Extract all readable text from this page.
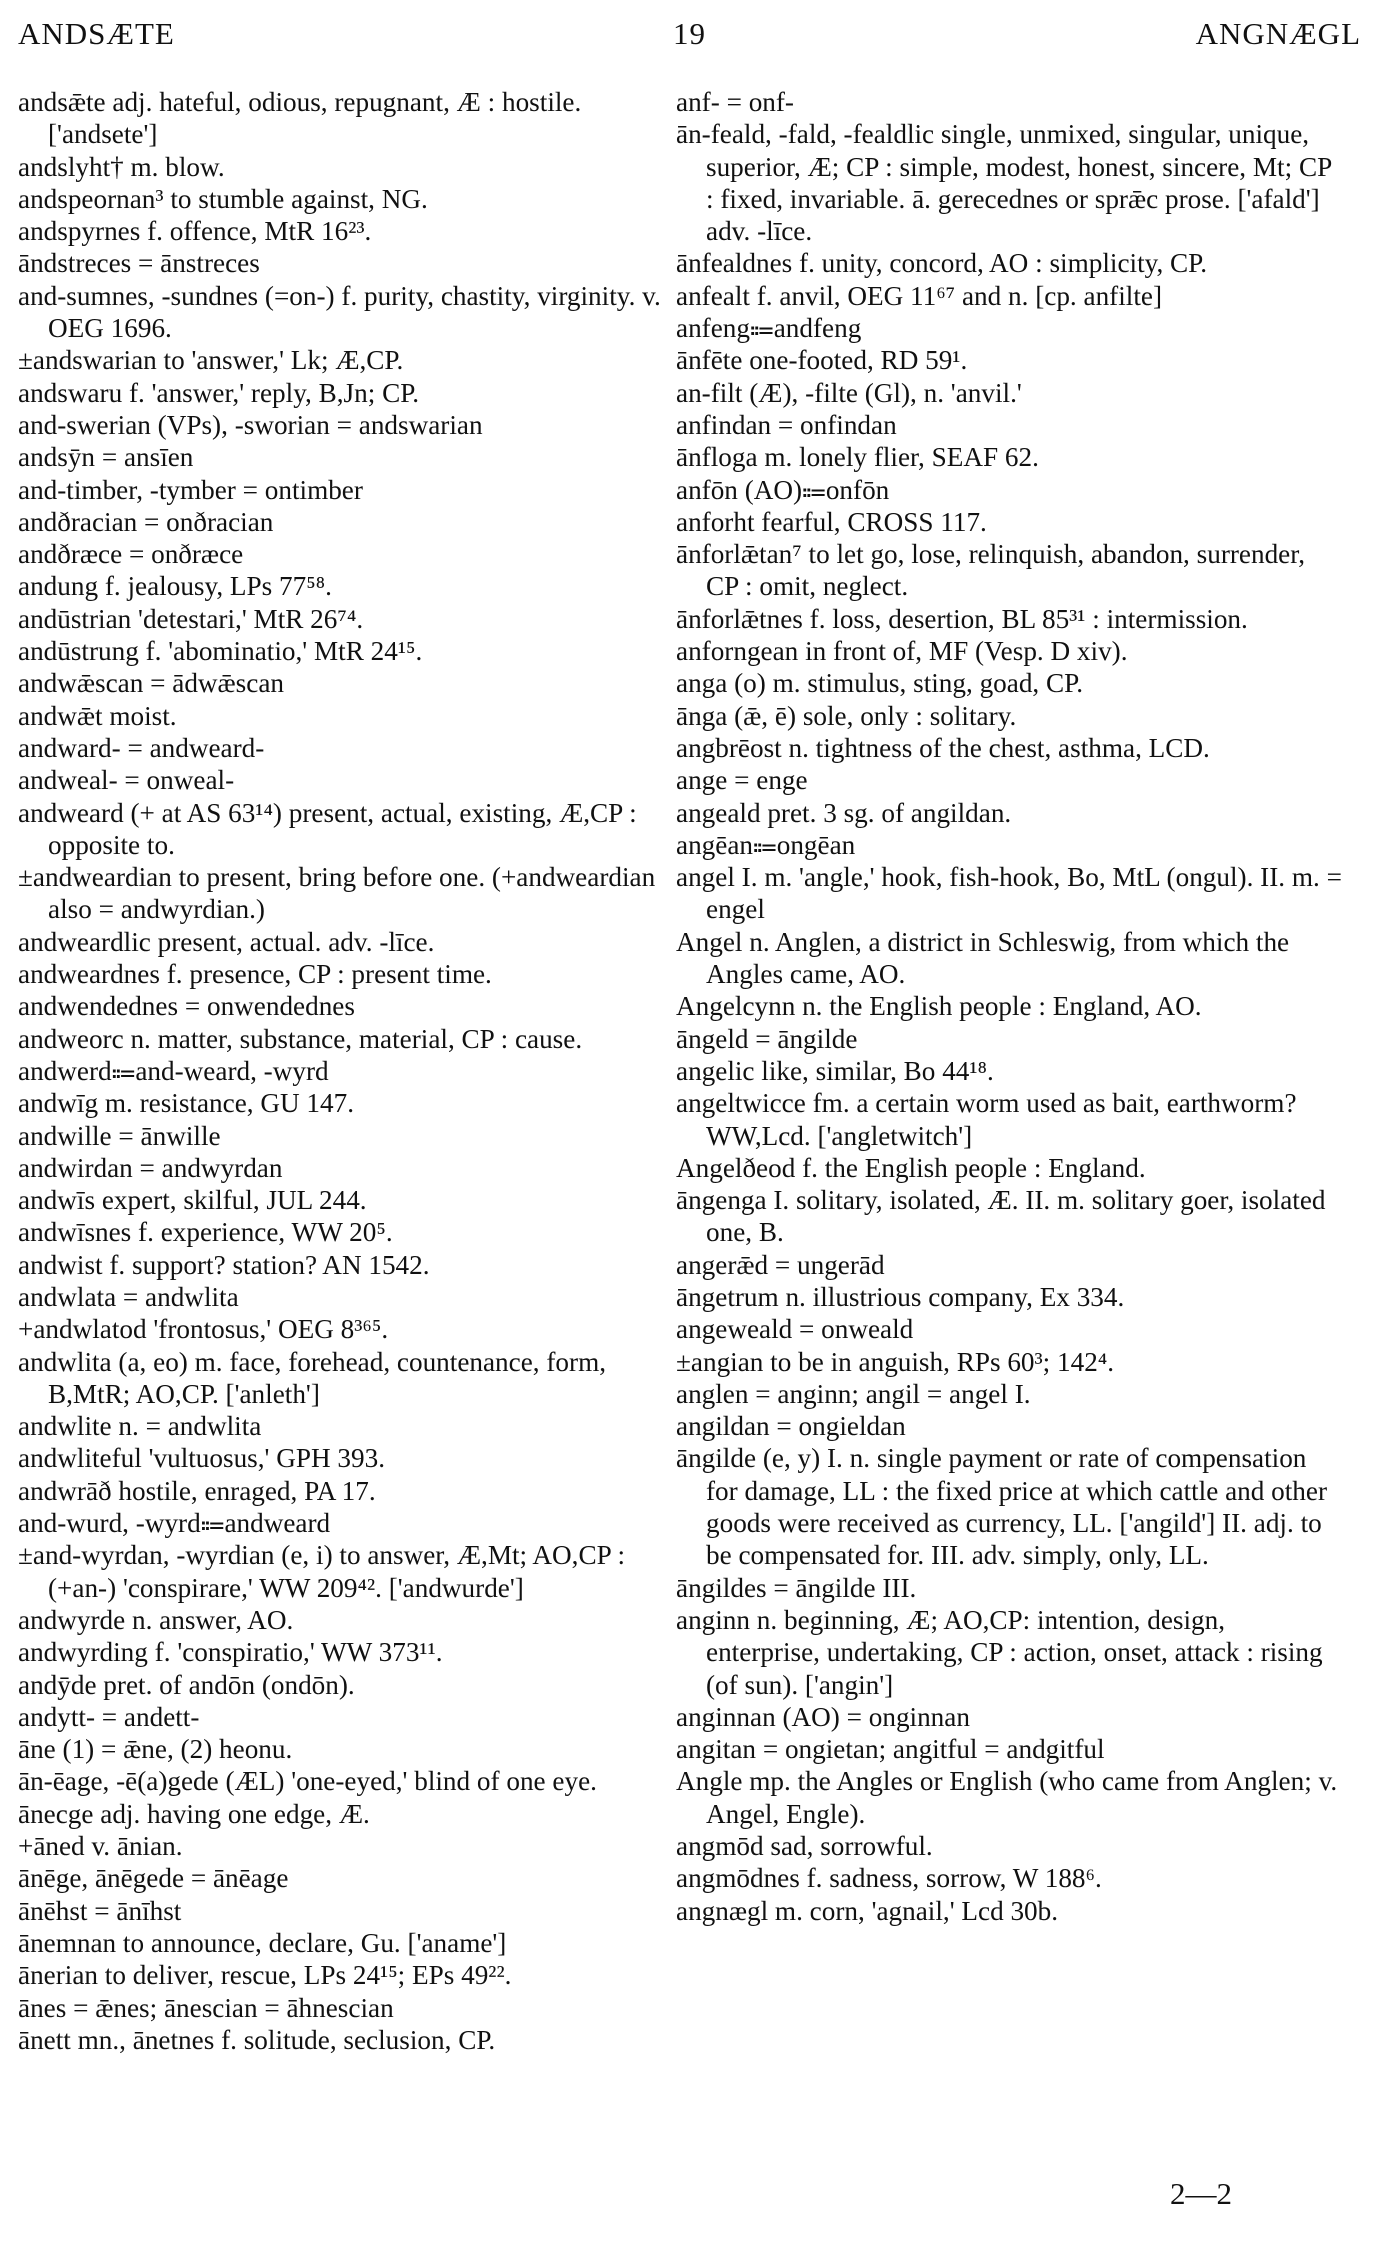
ANDSÆTE	19	ANGNÆGL

andsǣte adj. hateful, odious, repugnant, Æ : hostile. ['andsete']

andslyht† m. blow.

andspeornan³ to stumble against, NG.

andspyrnes f. offence, MtR 16²³.

āndstreces = ānstreces

and-sumnes, -sundnes (=on-) f. purity, chastity, virginity. v. OEG 1696.

±andswarian to 'answer,' Lk; Æ,CP.

andswaru f. 'answer,' reply, B,Jn; CP.

and-swerian (VPs), -sworian = andswarian

andsȳn = ansīen

and-timber, -tymber = ontimber

andðracian = onðracian

andðræce = onðræce

andung f. jealousy, LPs 77⁵⁸.

andūstrian 'detestari,' MtR 26⁷⁴.

andūstrung f. 'abominatio,' MtR 24¹⁵.

andwǣscan = ādwǣscan

andwǣt moist.

andward- = andweard-

andweal- = onweal-

andweard (+ at AS 63¹⁴) present, actual, existing, Æ,CP : opposite to.

±andweardian to present, bring before one. (+andweardian also = andwyrdian.)

andweardlic present, actual. adv. -līce.

andweardnes f. presence, CP : present time.

andwendednes = onwendednes

andweorc n. matter, substance, material, CP : cause.

andwerd⩴and-weard, -wyrd

andwīg m. resistance, GU 147.

andwille = ānwille

andwirdan = andwyrdan

andwīs expert, skilful, JUL 244.

andwīsnes f. experience, WW 20⁵.

andwist f. support? station? AN 1542.

andwlata = andwlita

+andwlatod 'frontosus,' OEG 8³⁶⁵.

andwlita (a, eo) m. face, forehead, countenance, form, B,MtR; AO,CP. ['anleth']

andwlite n. = andwlita

andwliteful 'vultuosus,' GPH 393.

andwrāð hostile, enraged, PA 17.

and-wurd, -wyrd⩴andweard

±and-wyrdan, -wyrdian (e, i) to answer, Æ,Mt; AO,CP : (+an-) 'conspirare,' WW 209⁴². ['andwurde']

andwyrde n. answer, AO.

andwyrding f. 'conspiratio,' WW 373¹¹.

andȳde pret. of andōn (ondōn).

andytt- = andett-

āne (1) = ǣne, (2) heonu.

ān-ēage, -ē(a)gede (ÆL) 'one-eyed,' blind of one eye.

ānecge adj. having one edge, Æ.

+āned v. ānian.

ānēge, ānēgede = ānēage

ānēhst = ānīhst

ānemnan to announce, declare, Gu. ['aname']

ānerian to deliver, rescue, LPs 24¹⁵; EPs 49²².

ānes = ǣnes; ānescian = āhnescian

ānett mn., ānetnes f. solitude, seclusion, CP.

anf- = onf-

ān-feald, -fald, -fealdlic single, unmixed, singular, unique, superior, Æ; CP : simple, modest, honest, sincere, Mt; CP : fixed, invariable. ā. gerecednes or sprǣc prose. ['afald'] adv. -līce.

ānfealdnes f. unity, concord, AO : simplicity, CP.

anfealt f. anvil, OEG 11⁶⁷ and n. [cp. anfilte]

anfeng⩴andfeng

ānfēte one-footed, RD 59¹.

an-filt (Æ), -filte (Gl), n. 'anvil.'

anfindan = onfindan

ānfloga m. lonely flier, SEAF 62.

anfōn (AO)⩴onfōn

anforht fearful, CROSS 117.

ānforlǣtan⁷ to let go, lose, relinquish, abandon, surrender, CP : omit, neglect.

ānforlǣtnes f. loss, desertion, BL 85³¹ : intermission.

anforngean in front of, MF (Vesp. D xiv).

anga (o) m. stimulus, sting, goad, CP.

ānga (ǣ, ē) sole, only : solitary.

angbrēost n. tightness of the chest, asthma, LCD.

ange = enge

angeald pret. 3 sg. of angildan.

angēan⩴ongēan

angel I. m. 'angle,' hook, fish-hook, Bo, MtL (ongul). II. m. = engel

Angel n. Anglen, a district in Schleswig, from which the Angles came, AO.

Angelcynn n. the English people : England, AO.

āngeld = āngilde

angelic like, similar, Bo 44¹⁸.

angeltwicce fm. a certain worm used as bait, earthworm? WW,Lcd. ['angletwitch']

Angelðeod f. the English people : England.

āngenga I. solitary, isolated, Æ. II. m. solitary goer, isolated one, B.

angerǣd = ungerād

āngetrum n. illustrious company, Ex 334.

angeweald = onweald

±angian to be in anguish, RPs 60³; 142⁴.

anglen = anginn; angil = angel I.

angildan = ongieldan

āngilde (e, y) I. n. single payment or rate of compensation for damage, LL : the fixed price at which cattle and other goods were received as currency, LL. ['angild'] II. adj. to be compensated for. III. adv. simply, only, LL.

āngildes = āngilde III.

anginn n. beginning, Æ; AO,CP: intention, design, enterprise, undertaking, CP : action, onset, attack : rising (of sun). ['angin']

anginnan (AO) = onginnan

angitan = ongietan; angitful = andgitful

Angle mp. the Angles or English (who came from Anglen; v. Angel, Engle).

angmōd sad, sorrowful.

angmōdnes f. sadness, sorrow, W 188⁶.

angnægl m. corn, 'agnail,' Lcd 30b.

2—2
